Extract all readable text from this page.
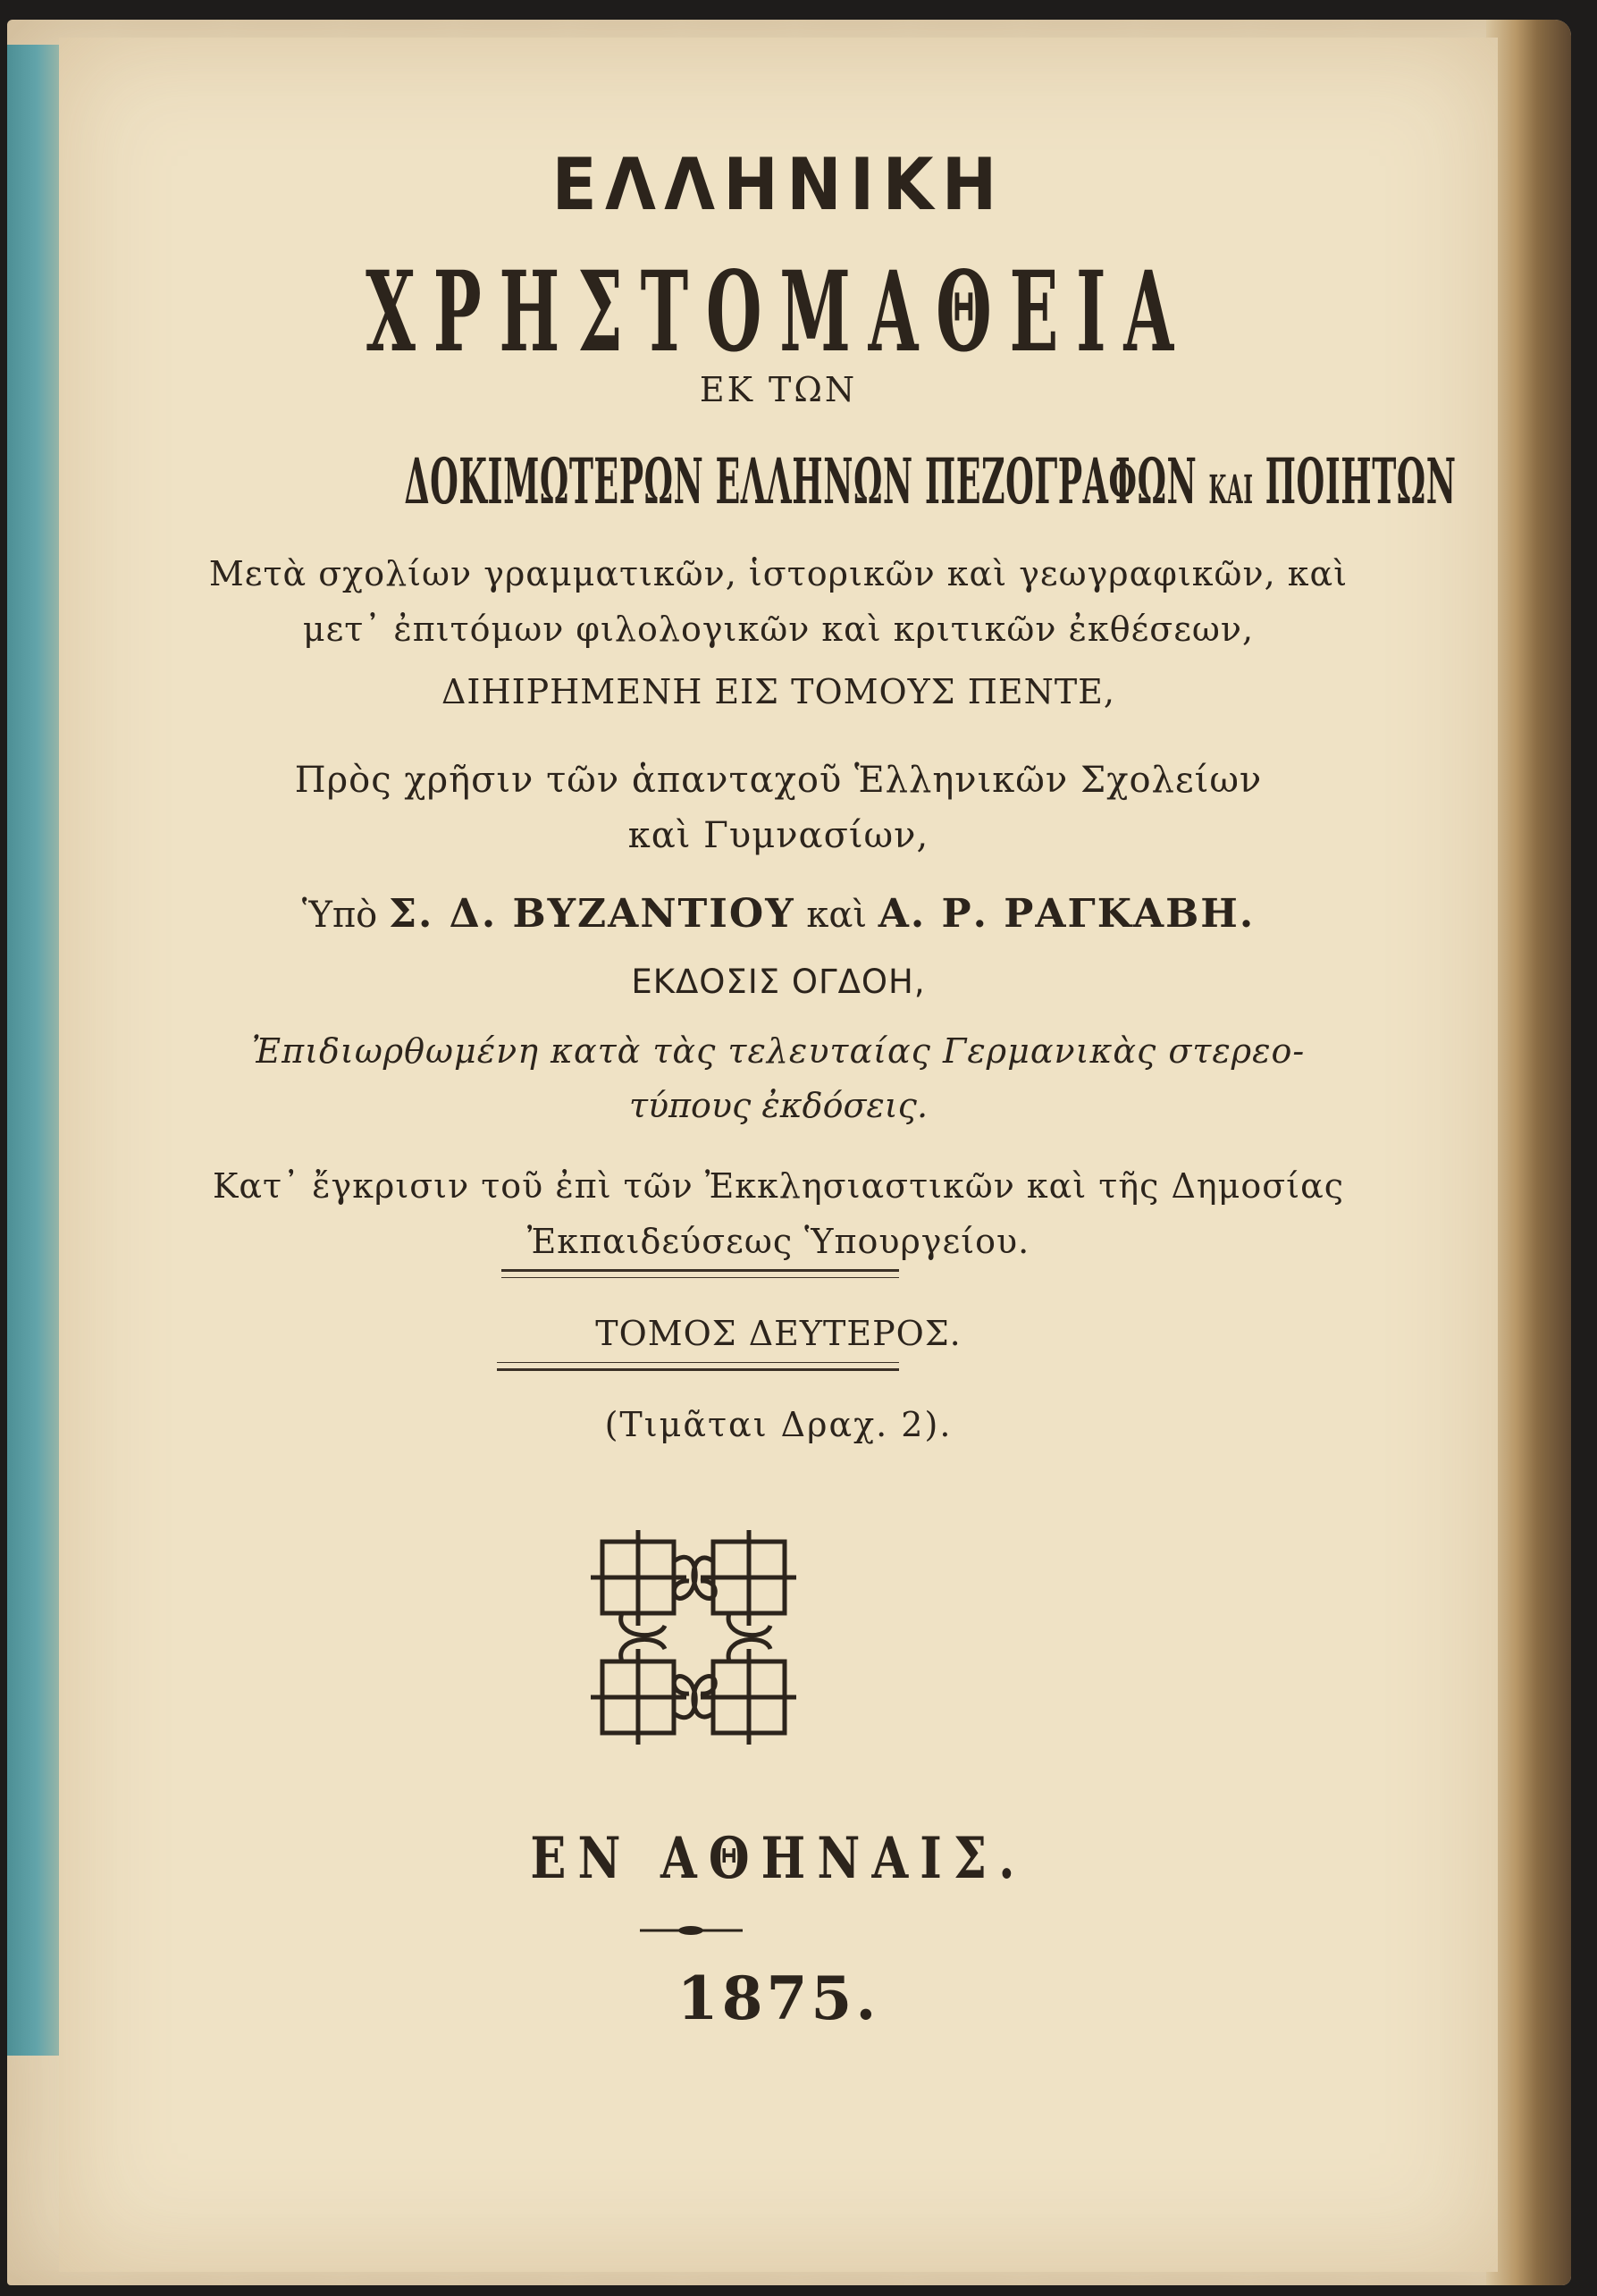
ΕΛΛΗΝΙΚΗ
ΧΡΗΣΤΟΜΑΘΕΙΑ
ΕΚ ΤΩΝ
ΔΟΚΙΜΩΤΕΡΩΝ ΕΛΛΗΝΩΝ ΠΕΖΟΓΡΑΦΩΝ ΚΑΙ ΠΟΙΗΤΩΝ
Μετὰ σχολίων γραμματικῶν, ἱστορικῶν καὶ γεωγραφικῶν, καὶ
μετ᾽ ἐπιτόμων φιλολογικῶν καὶ κριτικῶν ἐκθέσεων,
ΔΙΗΙΡΗΜΕΝΗ ΕΙΣ ΤΟΜΟΥΣ ΠΕΝΤΕ,
Πρὸς χρῆσιν τῶν ἁπανταχοῦ Ἑλληνικῶν Σχολείων
καὶ Γυμνασίων,
Ὑπὸ Σ. Δ. ΒΥΖΑΝΤΙΟΥ καὶ Α. Ρ. ΡΑΓΚΑΒΗ.
ΕΚΔΟΣΙΣ ΟΓΔΟΗ,
Ἐπιδιωρθωμένη κατὰ τὰς τελευταίας Γερμανικὰς στερεο-
τύπους ἐκδόσεις.
Κατ᾽ ἔγκρισιν τοῦ ἐπὶ τῶν Ἐκκλησιαστικῶν καὶ τῆς Δημοσίας
Ἐκπαιδεύσεως Ὑπουργείου.
ΤΟΜΟΣ ΔΕΥΤΕΡΟΣ.
(Τιμᾶται Δραχ. 2).
ΕΝ ΑΘΗΝΑΙΣ.
1875.
